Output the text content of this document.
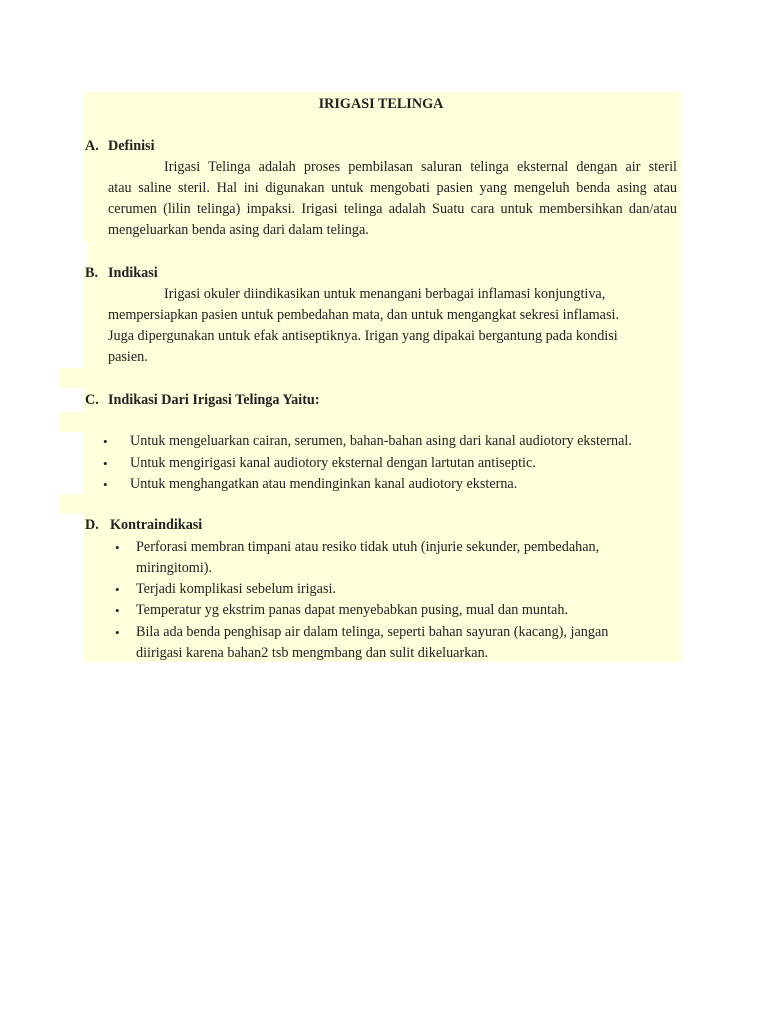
IRIGASI TELINGA
A. Definisi
Irigasi Telinga adalah proses pembilasan saluran telinga eksternal dengan air steril
atau saline steril. Hal ini digunakan untuk mengobati pasien yang mengeluh benda asing atau
cerumen (lilin telinga) impaksi. Irigasi telinga adalah Suatu cara untuk membersihkan dan/atau
mengeluarkan benda asing dari dalam telinga.
B. Indikasi
Irigasi okuler diindikasikan untuk menangani berbagai inflamasi konjungtiva,
mempersiapkan pasien untuk pembedahan mata, dan untuk mengangkat sekresi inflamasi.
Juga dipergunakan untuk efak antiseptiknya. Irigan yang dipakai bergantung pada kondisi
pasien.
C. Indikasi Dari Irigasi Telinga Yaitu:
• Untuk mengeluarkan cairan, serumen, bahan-bahan asing dari kanal audiotory eksternal.
• Untuk mengirigasi kanal audiotory eksternal dengan lartutan antiseptic.
• Untuk menghangatkan atau mendinginkan kanal audiotory eksterna.
D. Kontraindikasi
• Perforasi membran timpani atau resiko tidak utuh (injurie sekunder, pembedahan,
miringitomi).
• Terjadi komplikasi sebelum irigasi.
• Temperatur yg ekstrim panas dapat menyebabkan pusing, mual dan muntah.
• Bila ada benda penghisap air dalam telinga, seperti bahan sayuran (kacang), jangan
diirigasi karena bahan2 tsb mengmbang dan sulit dikeluarkan.
